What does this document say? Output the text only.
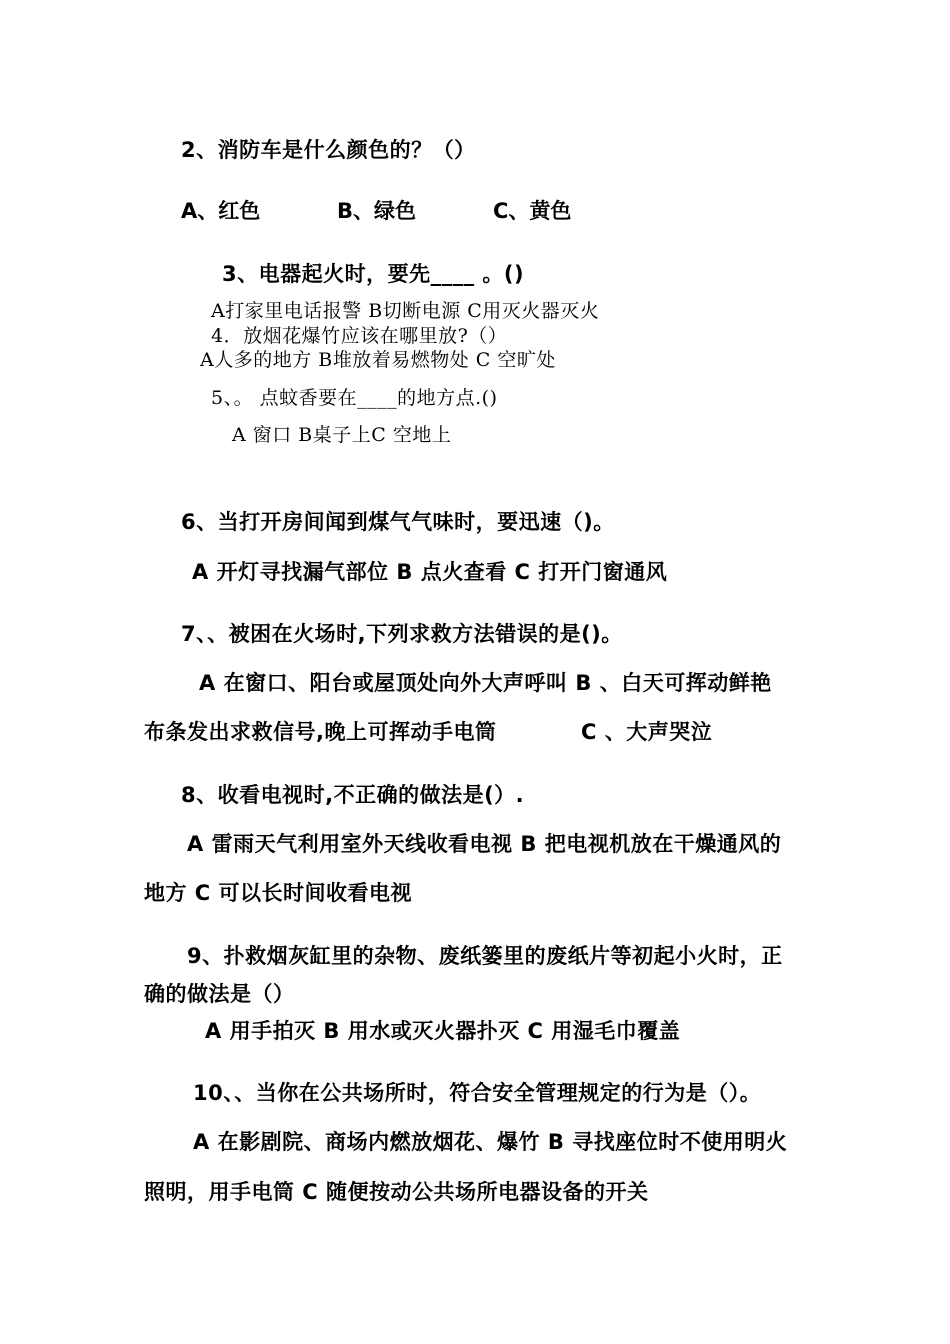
2、消防车是什么颜色的？（）
A、红色	B、绿色	C、黄色
3、电器起火时，要先____ 。()
A打家里电话报警 B切断电源 C用灭火器灭火
4．放烟花爆竹应该在哪里放?（）
A人多的地方 B堆放着易燃物处 C 空旷处
5、。 点蚊香要在____的地方点.()
A 窗口 B桌子上C 空地上
6、当打开房间闻到煤气气味时，要迅速（)。
A 开灯寻找漏气部位 B 点火查看 C 打开门窗通风
7、、被困在火场时,下列求救方法错误的是()。
A 在窗口、阳台或屋顶处向外大声呼叫 B 、白天可挥动鲜艳
布条发出求救信号,晚上可挥动手电筒	C 、大声哭泣
8、收看电视时,不正确的做法是(）.
A 雷雨天气利用室外天线收看电视 B 把电视机放在干燥通风的
地方 C 可以长时间收看电视
9、扑救烟灰缸里的杂物、废纸篓里的废纸片等初起小火时，正
确的做法是（）
A 用手拍灭 B 用水或灭火器扑灭 C 用湿毛巾覆盖
10、、当你在公共场所时，符合安全管理规定的行为是（）。
A 在影剧院、商场内燃放烟花、爆竹 B 寻找座位时不使用明火
照明，用手电筒 C 随便按动公共场所电器设备的开关
